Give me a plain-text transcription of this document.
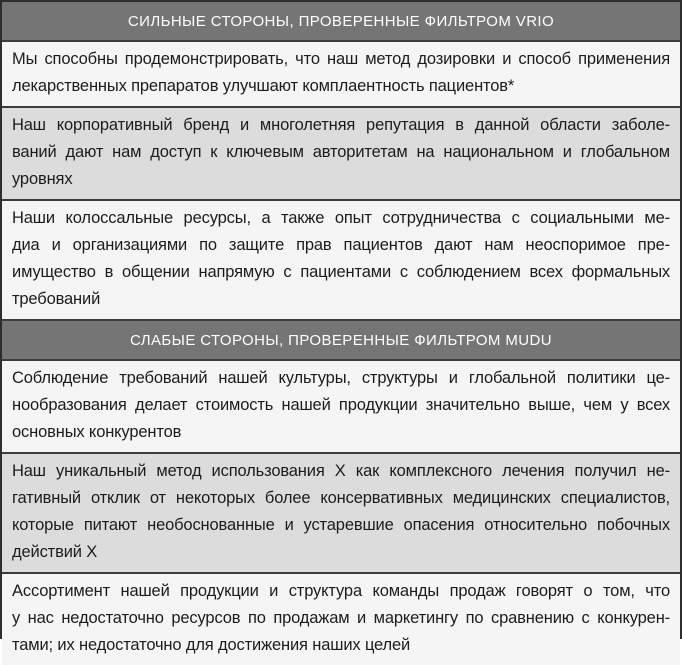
СИЛЬНЫЕ СТОРОНЫ, ПРОВЕРЕННЫЕ ФИЛЬТРОМ VRIO
Мы способны продемонстрировать, что наш метод дозировки и способ применения
лекарственных препаратов улучшают комплаентность пациентов*
Наш корпоративный бренд и многолетняя репутация в данной области заболе-
ваний дают нам доступ к ключевым авторитетам на национальном и глобальном
уровнях
Наши колоссальные ресурсы, а также опыт сотрудничества с социальными ме-
диа и организациями по защите прав пациентов дают нам неоспоримое пре-
имущество в общении напрямую с пациентами с соблюдением всех формальных
требований
СЛАБЫЕ СТОРОНЫ, ПРОВЕРЕННЫЕ ФИЛЬТРОМ MUDU
Соблюдение требований нашей культуры, структуры и глобальной политики це-
нообразования делает стоимость нашей продукции значительно выше, чем у всех
основных конкурентов
Наш уникальный метод использования X как комплексного лечения получил не-
гативный отклик от некоторых более консервативных медицинских специалистов,
которые питают необоснованные и устаревшие опасения относительно побочных
действий X
Ассортимент нашей продукции и структура команды продаж говорят о том, что
у нас недостаточно ресурсов по продажам и маркетингу по сравнению с конкурен-
тами; их недостаточно для достижения наших целей
